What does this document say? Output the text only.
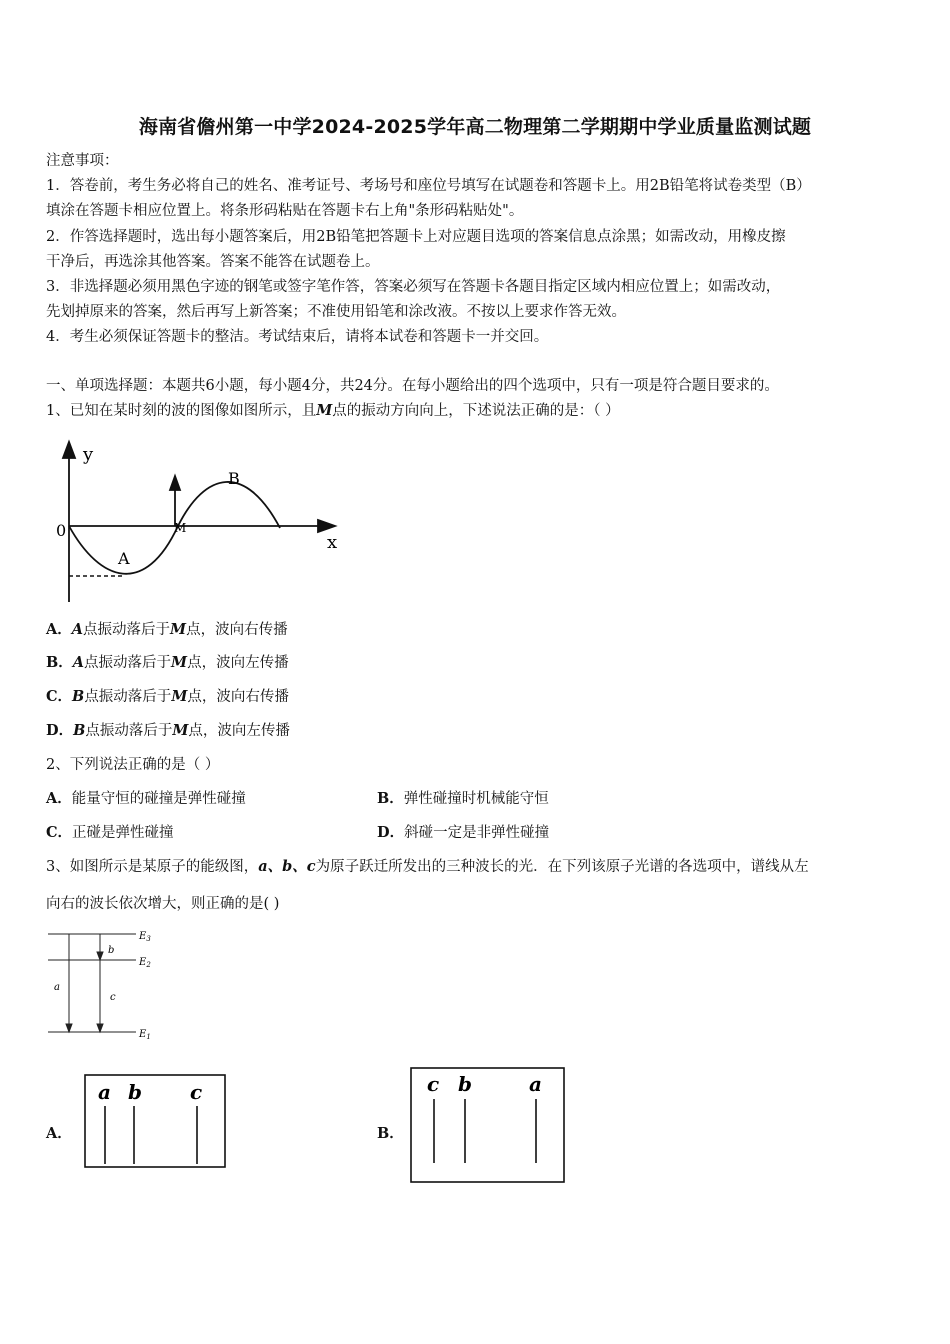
海南省儋州第一中学2024-2025学年高二物理第二学期期中学业质量监测试题
注意事项：
1．答卷前，考生务必将自己的姓名、准考证号、考场号和座位号填写在试题卷和答题卡上。用2B铅笔将试卷类型（B）
填涂在答题卡相应位置上。将条形码粘贴在答题卡右上角"条形码粘贴处"。
2．作答选择题时，选出每小题答案后，用2B铅笔把答题卡上对应题目选项的答案信息点涂黑；如需改动，用橡皮擦
干净后，再选涂其他答案。答案不能答在试题卷上。
3．非选择题必须用黑色字迹的钢笔或签字笔作答，答案必须写在答题卡各题目指定区域内相应位置上；如需改动，
先划掉原来的答案，然后再写上新答案；不准使用铅笔和涂改液。不按以上要求作答无效。
4．考生必须保证答题卡的整洁。考试结束后，请将本试卷和答题卡一并交回。
一、单项选择题：本题共6小题，每小题4分，共24分。在每小题给出的四个选项中，只有一项是符合题目要求的。
1、已知在某时刻的波的图像如图所示，且M点的振动方向向上，下述说法正确的是：（ ）
y
x
0
A
B
M
A．A点振动落后于M点，波向右传播
B．A点振动落后于M点，波向左传播
C．B点振动落后于M点，波向右传播
D．B点振动落后于M点，波向左传播
2、下列说法正确的是（ ）
A．能量守恒的碰撞是弹性碰撞	B．弹性碰撞时机械能守恒
C．正碰是弹性碰撞	D．斜碰一定是非弹性碰撞
3、如图所示是某原子的能级图，a、b、c为原子跃迁所发出的三种波长的光．在下列该原子光谱的各选项中，谱线从左
向右的波长依次增大，则正确的是( )
$E_3$
$E_2$
$E_1$
a
b
c
A．
a b c
B．
c b	a
